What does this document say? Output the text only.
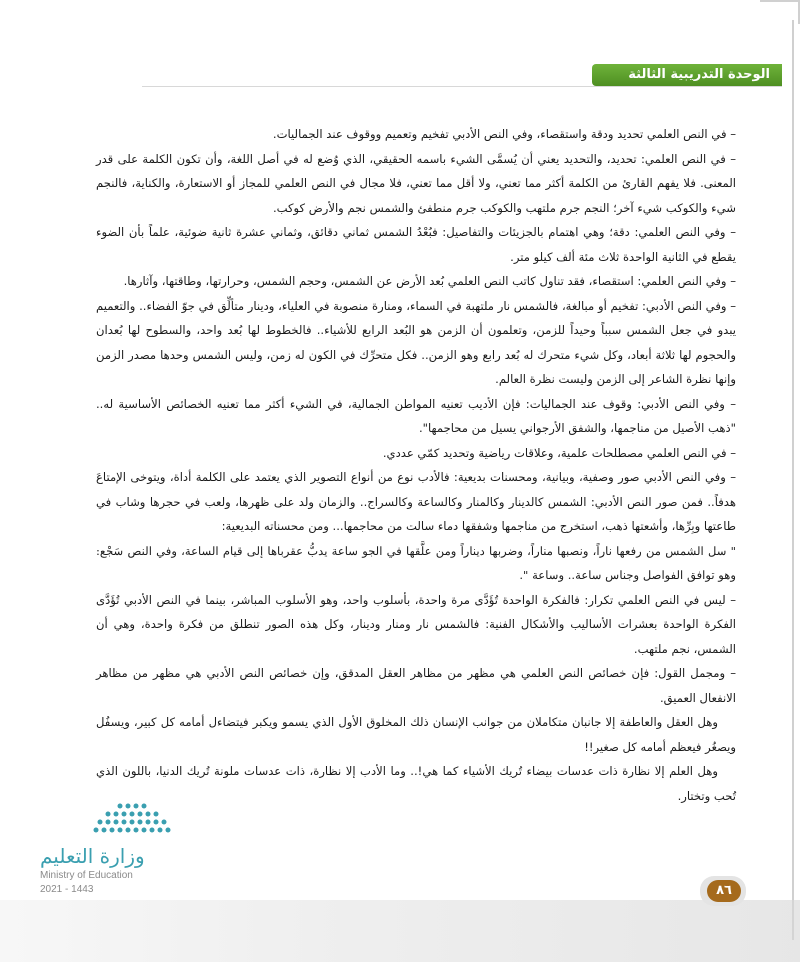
الوحدة التدريبية الثالثة

– في النص العلمي تحديد ودقة واستقصاء، وفي النص الأدبي تفخيم وتعميم ووقوف عند الجماليات.

– في النص العلمي: تحديد، والتحديد يعني أن يُسمَّى الشيء باسمه الحقيقي، الذي وُضع له في أصل اللغة، وأن تكون الكلمة على قدر المعنى. فلا يفهم القارئ من الكلمة أكثر مما تعني، ولا أقل مما تعني، فلا مجال في النص العلمي للمجاز أو الاستعارة، والكناية، فالنجم شيء والكوكب شيء آخر؛ النجم جرم ملتهب والكوكب جرم منطفئ والشمس نجم والأرض كوكب.

– وفي النص العلمي: دقة؛ وهي اهتمام بالجزيئات والتفاصيل: فبُعْدُ الشمس ثماني دقائق، وثماني عشرة ثانية ضوئية، علماً بأن الضوء يقطع في الثانية الواحدة ثلاث مئة ألف كيلو متر.

– وفي النص العلمي: استقصاء، فقد تناول كاتب النص العلمي بُعد الأرض عن الشمس، وحجم الشمس، وحرارتها، وطاقتها، وآثارها.

– وفي النص الأدبي: تفخيم أو مبالغة، فالشمس نار ملتهبة في السماء، ومنارة منصوبة في العلياء، ودينار متألِّق في جوّ الفضاء.. والتعميم يبدو في جعل الشمس سبباً وحيداً للزمن، وتعلمون أن الزمن هو البُعد الرابع للأشياء.. فالخطوط لها بُعد واحد، والسطوح لها بُعدان والحجوم لها ثلاثة أبعاد، وكل شيء متحرك له بُعد رابع وهو الزمن.. فكل متحرِّك في الكون له زمن، وليس الشمس وحدها مصدر الزمن وإنها نظرة الشاعر إلى الزمن وليست نظرة العالم.

– وفي النص الأدبي: وقوف عند الجماليات: فإن الأديب تعنيه المواطن الجمالية، في الشيء أكثر مما تعنيه الخصائص الأساسية له.. "ذهب الأصيل من مناجمها، والشفق الأرجواني يسيل من محاجمها".

– في النص العلمي مصطلحات علمية، وعلاقات رياضية وتحديد كمّي عددي.

– وفي النص الأدبي صور وصفية، وبيانية، ومحسنات بديعية: فالأدب نوع من أنواع التصوير الذي يعتمد على الكلمة أداة، ويتوخى الإمتاعَ هدفاً.. فمن صور النص الأدبي: الشمس كالدينار وكالمنار وكالساعة وكالسراج.. والزمان ولد على ظهرها، ولعب في حجرها وشاب في طاعتها وبِرِّها، وأشعتها ذهب، استخرج من مناجمها وشفقها دماء سالت من محاجمها... ومن محسناته البديعية:

" سل الشمس من رفعها ناراً، ونصبها مناراً، وضربها ديناراً ومن علَّقها في الجو ساعة يدبُّ عقرباها إلى قيام الساعة، وفي النص سَجْع: وهو توافق الفواصل وجناس ساعة.. وساعة ".

– ليس في النص العلمي تكرار: فالفكرة الواحدة تُؤَدَّى مرة واحدة، بأسلوب واحد، وهو الأسلوب المباشر، بينما في النص الأدبي تُؤَدَّى الفكرة الواحدة بعشرات الأساليب والأشكال الفنية: فالشمس نار ومنار ودينار، وكل هذه الصور تنطلق من فكرة واحدة، وهي أن الشمس، نجم ملتهب.

– ومجمل القول: فإن خصائص النص العلمي هي مظهر من مظاهر العقل المدقق، وإن خصائص النص الأدبي هي مظهر من مظاهر الانفعال العميق.

وهل العقل والعاطفة إلا جانبان متكاملان من جوانب الإنسان ذلك المخلوق الأول الذي يسمو ويكبر فيتضاءل أمامه كل كبير، ويسفُل ويصغُر فيعظم أمامه كل صغير!!

وهل العلم إلا نظارة ذات عدسات بيضاء تُريك الأشياء كما هي!.. وما الأدب إلا نظارة، ذات عدسات ملونة تُريك الدنيا، باللون الذي تُحب وتختار.

وزارة التعليم
Ministry of Education
2021 - 1443	٨٦
